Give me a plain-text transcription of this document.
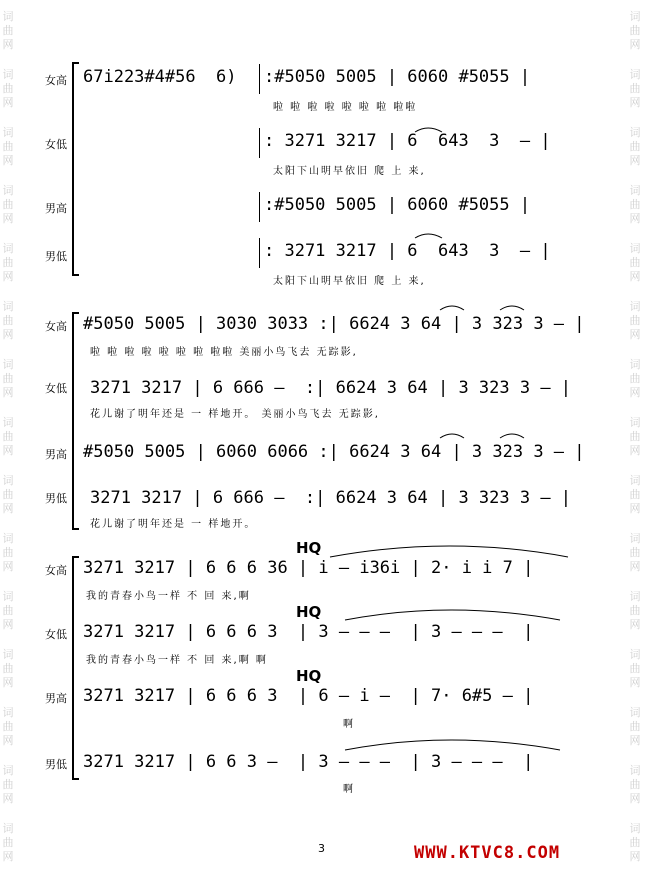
词
曲
网
词
曲
网
词
曲
网
词
曲
网
词
曲
网
词
曲
网
词
曲
网
词
曲
网
词
曲
网
词
曲
网
词
曲
网
词
曲
网
词
曲
网
词
曲
网
词
曲
网
词
曲
网
词
曲
网
词
曲
网
词
曲
网
词
曲
网
词
曲
网
词
曲
网
词
曲
网
词
曲
网
词
曲
网
词
曲
网
词
曲
网
词
曲
网
词
曲
网
词
曲
网
女高 67i223#4#56  6) :#5050 5005 | 6060 #5055 |
啦 啦 啦 啦 啦 啦 啦 啦啦
女低	: 3271 3217 | 6  643  3  – |
太阳下山明早依旧 爬 上 来,
男高	:#5050 5005 | 6060 #5055 |
男低	: 3271 3217 | 6  643  3  – |
太阳下山明早依旧 爬 上 来,
女高 #5050 5005 | 3030 3033 :| 6624 3 64 | 3 323 3 – |
啦 啦 啦 啦 啦 啦 啦 啦啦 美丽小鸟飞去 无踪影,
女低 3271 3217 | 6 666 –  :| 6624 3 64 | 3 323 3 – |
花儿谢了明年还是 一 样地开。 美丽小鸟飞去 无踪影,
男高 #5050 5005 | 6060 6066 :| 6624 3 64 | 3 323 3 – |
男低 3271 3217 | 6 666 –  :| 6624 3 64 | 3 323 3 – |
花儿谢了明年还是 一 样地开。
HQ
女高 3271 3217 | 6 6 6 36 | i – i36i | 2· i i 7 |
我的青春小鸟一样 不 回 来,啊
HQ
女低 3271 3217 | 6 6 6 3  | 3 – – –  | 3 – – –  |
我的青春小鸟一样 不 回 来,啊 啊
HQ
男高 3271 3217 | 6 6 6 3  | 6 – i –  | 7· 6#5 – |
啊
男低 3271 3217 | 6 6 3 –  | 3 – – –  | 3 – – –  |
啊
3	WWW.KTVC8.COM
